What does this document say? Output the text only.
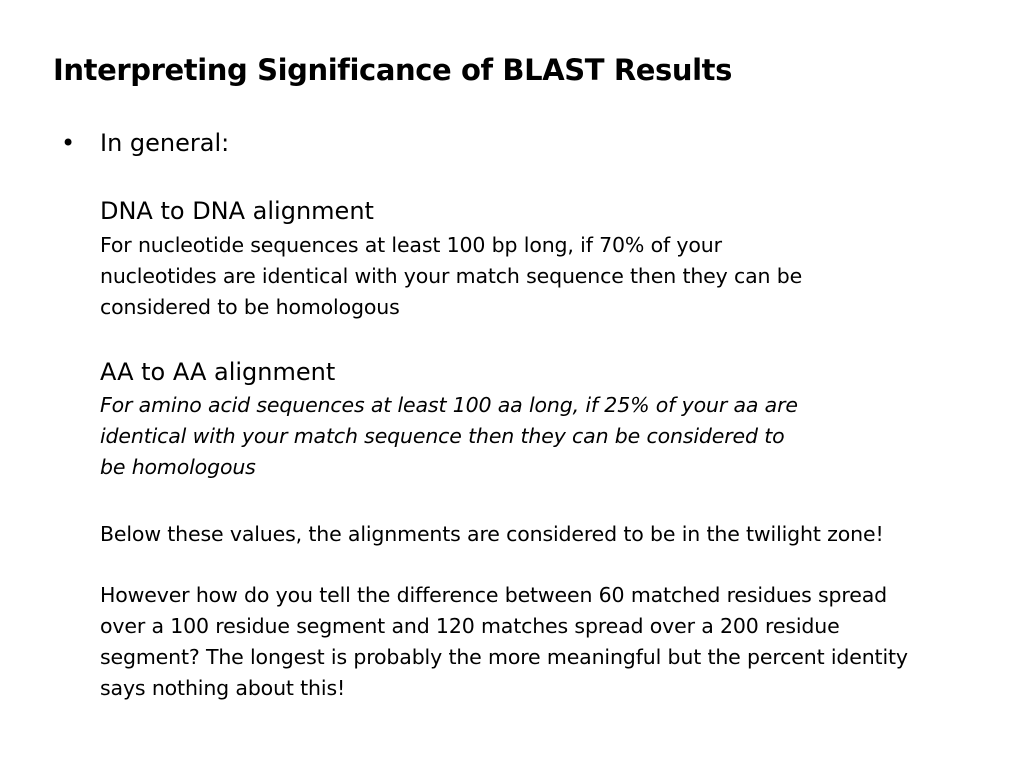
Interpreting Significance of BLAST Results
• In general:
DNA to DNA alignment

For nucleotide sequences at least 100 bp long, if 70% of your
nucleotides are identical with your match sequence then they can be
considered to be homologous

AA to AA alignment

For amino acid sequences at least 100 aa long, if 25% of your aa are
identical with your match sequence then they can be considered to
be homologous

Below these values, the alignments are considered to be in the twilight zone!

However how do you tell the difference between 60 matched residues spread
over a 100 residue segment and 120 matches spread over a 200 residue
segment? The longest is probably the more meaningful but the percent identity
says nothing about this!
